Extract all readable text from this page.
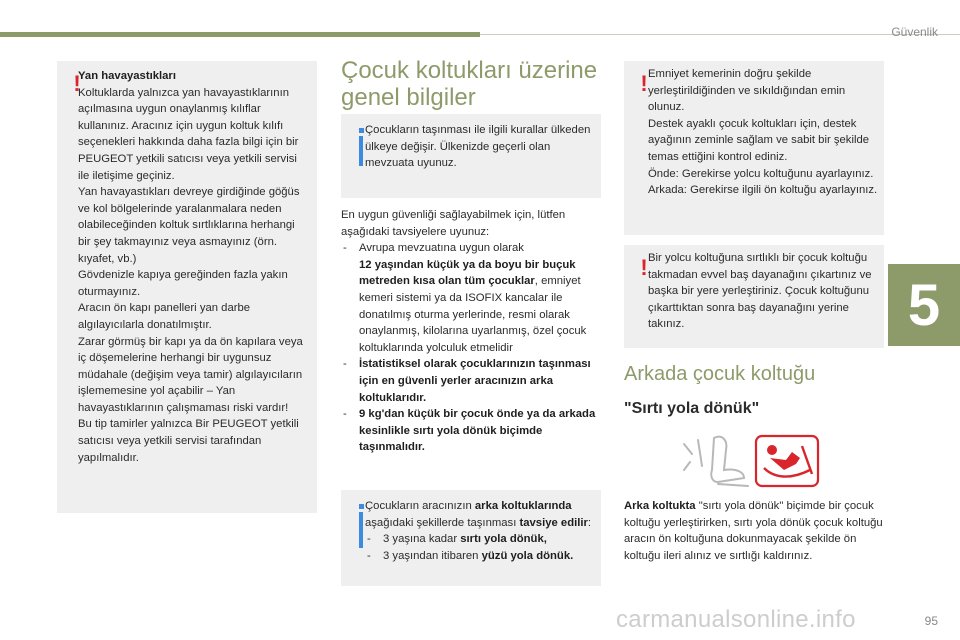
Güvenlik
5
95
!

Yan havayastıkları

Koltuklarda yalnızca yan havayastıklarının açılmasına uygun onaylanmış kılıflar kullanınız. Aracınız için uygun koltuk kılıfı seçenekleri hakkında daha fazla bilgi için bir PEUGEOT yetkili satıcısı veya yetkili servisi ile iletişime geçiniz.

Yan havayastıkları devreye girdiğinde göğüs ve kol bölgelerinde yaralanmalara neden olabileceğinden koltuk sırtlıklarına herhangi bir şey takmayınız veya asmayınız (örn. kıyafet, vb.)

Gövdenizle kapıya gereğinden fazla yakın oturmayınız.

Aracın ön kapı panelleri yan darbe algılayıcılarla donatılmıştır.

Zarar görmüş bir kapı ya da ön kapılara veya iç döşemelerine herhangi bir uygunsuz müdahale (değişim veya tamir) algılayıcıların işlememesine yol açabilir – Yan havayastıklarının çalışmaması riski vardır!

Bu tip tamirler yalnızca Bir PEUGEOT yetkili satıcısı veya yetkili servisi tarafından yapılmalıdır.

Çocuk koltukları üzerine genel bilgiler
Çocukların taşınması ile ilgili kurallar ülkeden ülkeye değişir. Ülkenizde geçerli olan mevzuata uyunuz.

En uygun güvenliği sağlayabilmek için, lütfen aşağıdaki tavsiyelere uyunuz:

- Avrupa mevzuatına uygun olarak
12 yaşından küçük ya da boyu bir buçuk metreden kısa olan tüm çocuklar, emniyet kemeri sistemi ya da ISOFIX kancalar ile donatılmış oturma yerlerinde, resmi olarak onaylanmış, kilolarına uyarlanmış, özel çocuk koltuklarında yolculuk etmelidir
- İstatistiksel olarak çocuklarınızın taşınması için en güvenli yerler aracınızın arka koltuklarıdır.
- 9 kg'dan küçük bir çocuk önde ya da arkada kesinlikle sırtı yola dönük biçimde taşınmalıdır.

Çocukların aracınızın arka koltuklarında aşağıdaki şekillerde taşınması tavsiye edilir:

- 3 yaşına kadar sırtı yola dönük,
- 3 yaşından itibaren yüzü yola dönük.
! Emniyet kemerinin doğru şekilde yerleştirildiğinden ve sıkıldığından emin olunuz.

Destek ayaklı çocuk koltukları için, destek ayağının zeminle sağlam ve sabit bir şekilde temas ettiğini kontrol ediniz.

Önde: Gerekirse yolcu koltuğunu ayarlayınız.

Arkada: Gerekirse ilgili ön koltuğu ayarlayınız.

! Bir yolcu koltuğuna sırtlıklı bir çocuk koltuğu takmadan evvel baş dayanağını çıkartınız ve başka bir yere yerleştiriniz. Çocuk koltuğunu çıkarttıktan sonra baş dayanağını yerine takınız.
Arkada çocuk koltuğu
"Sırtı yola dönük"

Arka koltukta "sırtı yola dönük" biçimde bir çocuk koltuğu yerleştirirken, sırtı yola dönük çocuk koltuğu aracın ön koltuğuna dokunmayacak şekilde ön koltuğu ileri alınız ve sırtlığı kaldırınız.

carmanualsonline.info
